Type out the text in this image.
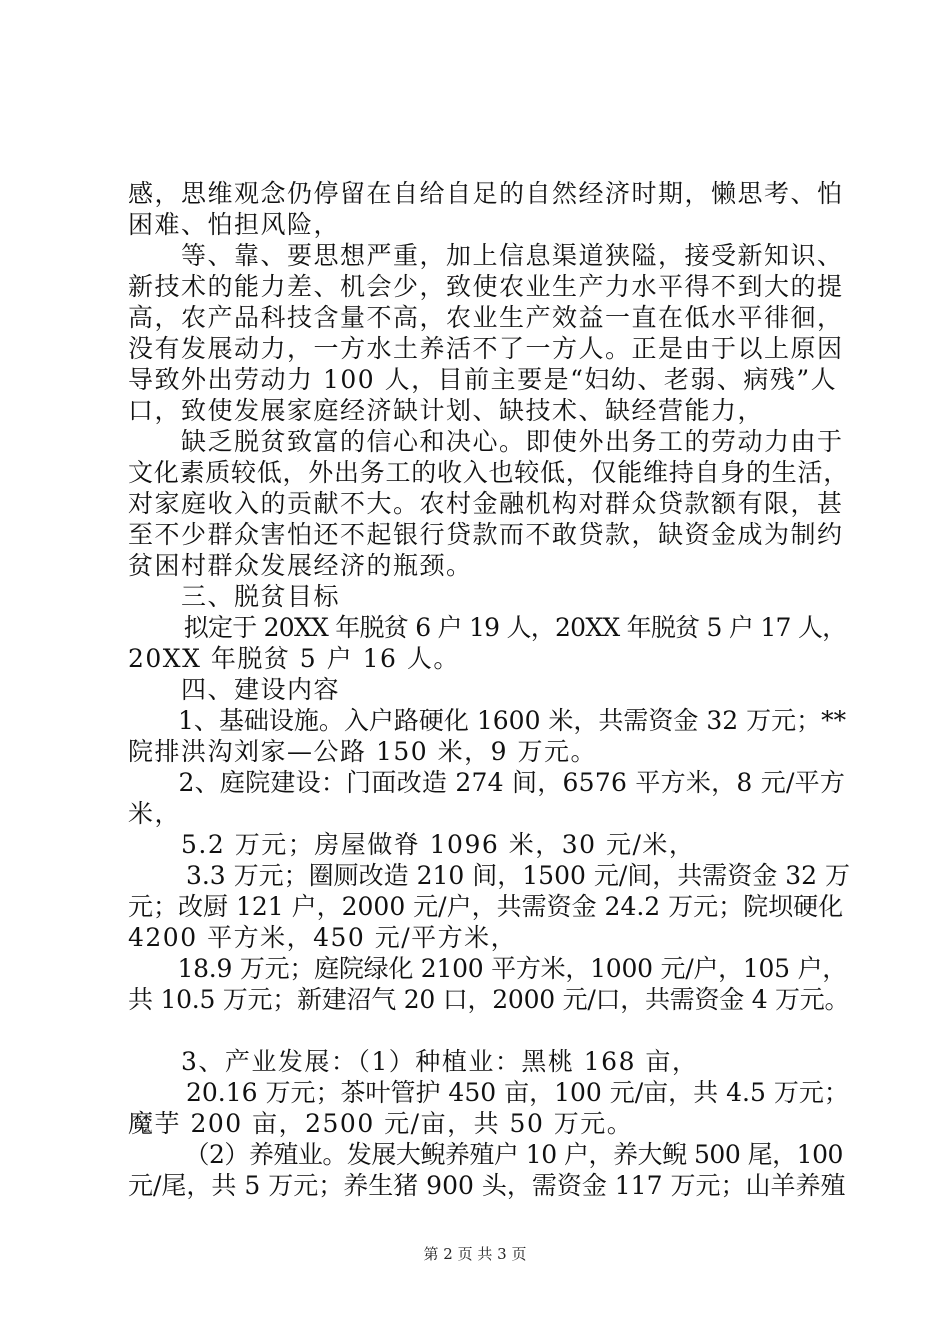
感，思维观念仍停留在自给自足的自然经济时期，懒思考、怕
困难、怕担风险，
　　等、靠、要思想严重，加上信息渠道狭隘，接受新知识、
新技术的能力差、机会少，致使农业生产力水平得不到大的提
高，农产品科技含量不高，农业生产效益一直在低水平徘徊，
没有发展动力，一方水土养活不了一方人。正是由于以上原因
导致外出劳动力 100 人，目前主要是“妇幼、老弱、病残”人
口，致使发展家庭经济缺计划、缺技术、缺经营能力，
　　缺乏脱贫致富的信心和决心。即使外出务工的劳动力由于
文化素质较低，外出务工的收入也较低，仅能维持自身的生活，
对家庭收入的贡献不大。农村金融机构对群众贷款额有限，甚
至不少群众害怕还不起银行贷款而不敢贷款，缺资金成为制约
贫困村群众发展经济的瓶颈。
　　三、脱贫目标
　　 拟定于 20XX 年脱贫 6 户 19 人，20XX 年脱贫 5 户 17 人，
20XX 年脱贫 5 户 16 人。
　　四、建设内容
　　1、基础设施。入户路硬化 1600 米，共需资金 32 万元；**
院排洪沟刘家—公路 150 米，9 万元。
　　2、庭院建设：门面改造 274 间，6576 平方米，8 元/平方
米，
　　5.2 万元；房屋做脊 1096 米，30 元/米，
　　 3.3 万元；圈厕改造 210 间，1500 元/间，共需资金 32 万
元；改厨 121 户，2000 元/户，共需资金 24.2 万元；院坝硬化
4200 平方米，450 元/平方米，
　　18.9 万元；庭院绿化 2100 平方米，1000 元/户，105 户，
共 10.5 万元；新建沼气 20 口，2000 元/口，共需资金 4 万元。
　　3、产业发展：（1）种植业：黑桃 168 亩，
　　 20.16 万元；茶叶管护 450 亩，100 元/亩，共 4.5 万元；
魔芋 200 亩，2500 元/亩，共 50 万元。
　　 （2）养殖业。发展大鲵养殖户 10 户，养大鲵 500 尾，100
元/尾，共 5 万元；养生猪 900 头，需资金 117 万元；山羊养殖
第 2 页 共 3 页
